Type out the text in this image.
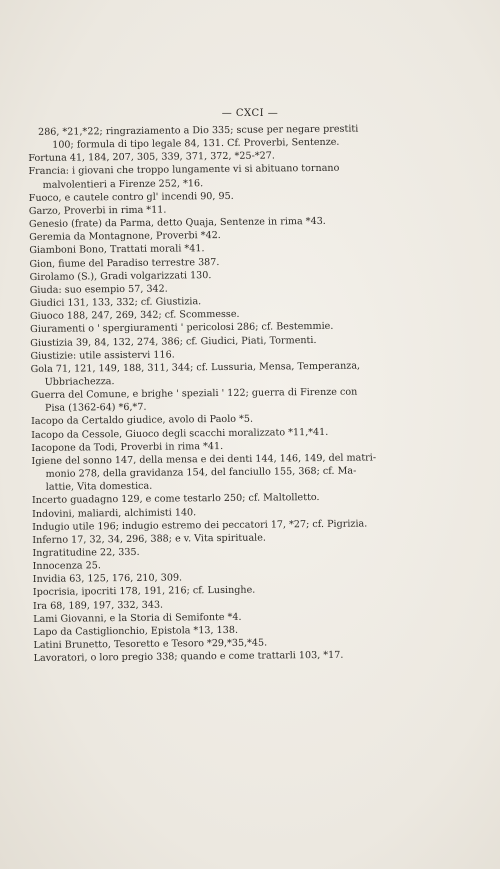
— CXCI —
286, *21,*22; ringraziamento a Dio 335; scuse per negare prestiti
100; formula di tipo legale 84, 131. Cf. Proverbi, Sentenze.
Fortuna 41, 184, 207, 305, 339, 371, 372, *25-*27.
Francia: i giovani che troppo lungamente vi si abituano tornano
malvolentieri a Firenze 252, *16.
Fuoco, e cautele contro gl' incendi 90, 95.
Garzo, Proverbi in rima *11.
Genesio (frate) da Parma, detto Quaja, Sentenze in rima *43.
Geremia da Montagnone, Proverbi *42.
Giamboni Bono, Trattati morali *41.
Gion, fiume del Paradiso terrestre 387.
Girolamo (S.), Gradi volgarizzati 130.
Giuda: suo esempio 57, 342.
Giudici 131, 133, 332; cf. Giustizia.
Giuoco 188, 247, 269, 342; cf. Scommesse.
Giuramenti o ' spergiuramenti ' pericolosi 286; cf. Bestemmie.
Giustizia 39, 84, 132, 274, 386; cf. Giudici, Piati, Tormenti.
Giustizie: utile assistervi 116.
Gola 71, 121, 149, 188, 311, 344; cf. Lussuria, Mensa, Temperanza,
Ubbriachezza.
Guerra del Comune, e brighe ' speziali ' 122; guerra di Firenze con
Pisa (1362-64) *6,*7.
Iacopo da Certaldo giudice, avolo di Paolo *5.
Iacopo da Cessole, Giuoco degli scacchi moralizzato *11,*41.
Iacopone da Todi, Proverbi in rima *41.
Igiene del sonno 147, della mensa e dei denti 144, 146, 149, del matri-
monio 278, della gravidanza 154, del fanciullo 155, 368; cf. Ma-
lattie, Vita domestica.
Incerto guadagno 129, e come testarlo 250; cf. Maltolletto.
Indovini, maliardi, alchimisti 140.
Indugio utile 196; indugio estremo dei peccatori 17, *27; cf. Pigrizia.
Inferno 17, 32, 34, 296, 388; e v. Vita spirituale.
Ingratitudine 22, 335.
Innocenza 25.
Invidia 63, 125, 176, 210, 309.
Ipocrisia, ipocriti 178, 191, 216; cf. Lusinghe.
Ira 68, 189, 197, 332, 343.
Lami Giovanni, e la Storia di Semifonte *4.
Lapo da Castiglionchio, Epistola *13, 138.
Latini Brunetto, Tesoretto e Tesoro *29,*35,*45.
Lavoratori, o loro pregio 338; quando e come trattarli 103, *17.
